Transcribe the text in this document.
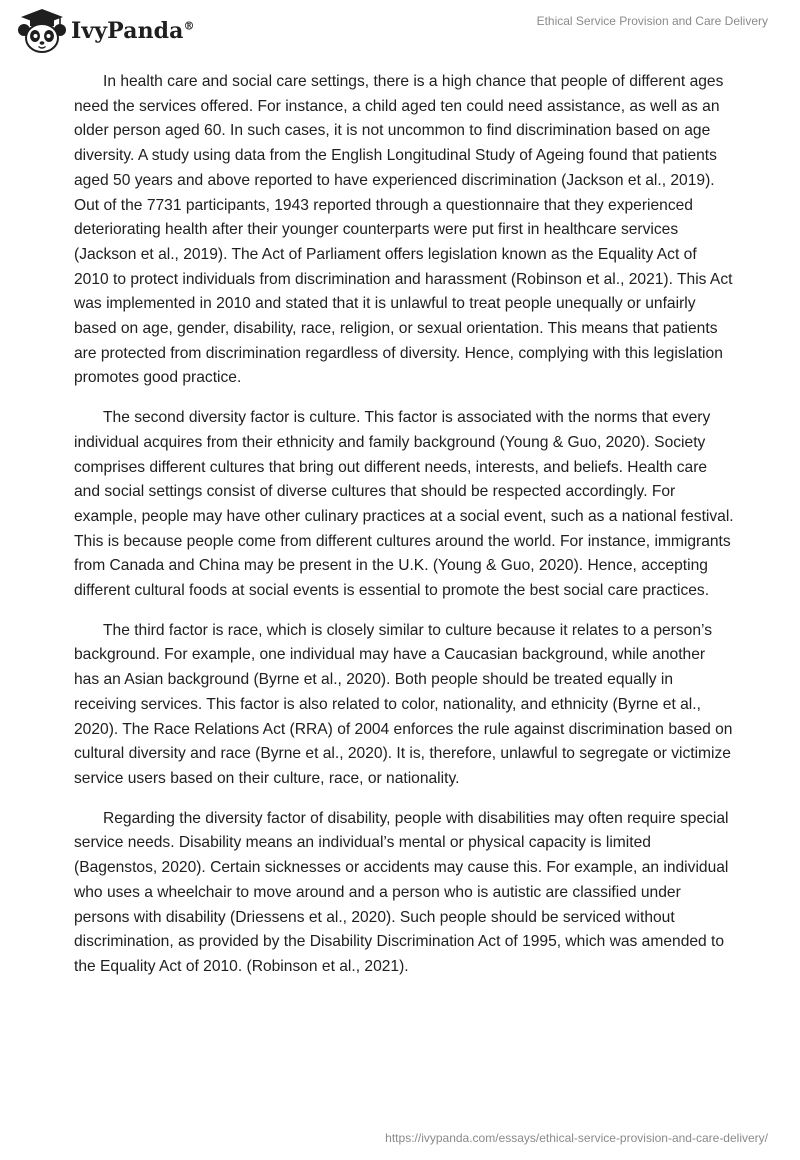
IvyPanda®	Ethical Service Provision and Care Delivery

In health care and social care settings, there is a high chance that people of different ages need the services offered. For instance, a child aged ten could need assistance, as well as an older person aged 60. In such cases, it is not uncommon to find discrimination based on age diversity. A study using data from the English Longitudinal Study of Ageing found that patients aged 50 years and above reported to have experienced discrimination (Jackson et al., 2019). Out of the 7731 participants, 1943 reported through a questionnaire that they experienced deteriorating health after their younger counterparts were put first in healthcare services (Jackson et al., 2019). The Act of Parliament offers legislation known as the Equality Act of 2010 to protect individuals from discrimination and harassment (Robinson et al., 2021). This Act was implemented in 2010 and stated that it is unlawful to treat people unequally or unfairly based on age, gender, disability, race, religion, or sexual orientation. This means that patients are protected from discrimination regardless of diversity. Hence, complying with this legislation promotes good practice.

The second diversity factor is culture. This factor is associated with the norms that every individual acquires from their ethnicity and family background (Young & Guo, 2020). Society comprises different cultures that bring out different needs, interests, and beliefs. Health care and social settings consist of diverse cultures that should be respected accordingly. For example, people may have other culinary practices at a social event, such as a national festival. This is because people come from different cultures around the world. For instance, immigrants from Canada and China may be present in the U.K. (Young & Guo, 2020). Hence, accepting different cultural foods at social events is essential to promote the best social care practices.

The third factor is race, which is closely similar to culture because it relates to a person’s background. For example, one individual may have a Caucasian background, while another has an Asian background (Byrne et al., 2020). Both people should be treated equally in receiving services. This factor is also related to color, nationality, and ethnicity (Byrne et al., 2020). The Race Relations Act (RRA) of 2004 enforces the rule against discrimination based on cultural diversity and race (Byrne et al., 2020). It is, therefore, unlawful to segregate or victimize service users based on their culture, race, or nationality.

Regarding the diversity factor of disability, people with disabilities may often require special service needs. Disability means an individual’s mental or physical capacity is limited (Bagenstos, 2020). Certain sicknesses or accidents may cause this. For example, an individual who uses a wheelchair to move around and a person who is autistic are classified under persons with disability (Driessens et al., 2020). Such people should be serviced without discrimination, as provided by the Disability Discrimination Act of 1995, which was amended to the Equality Act of 2010. (Robinson et al., 2021).

https://ivypanda.com/essays/ethical-service-provision-and-care-delivery/
